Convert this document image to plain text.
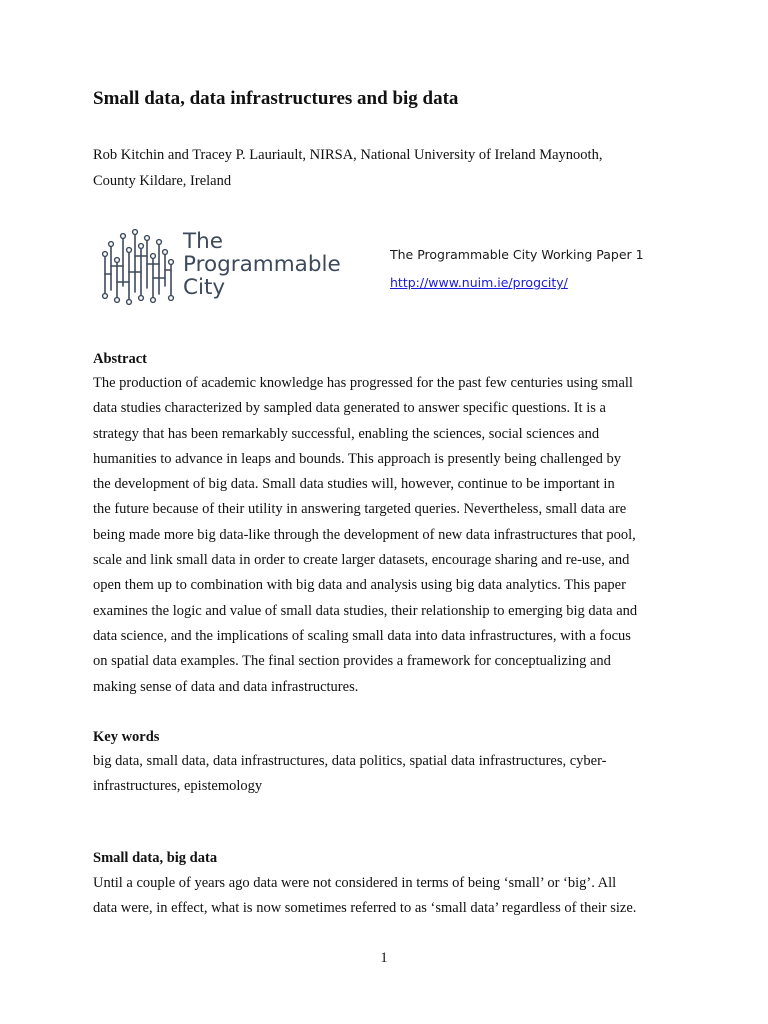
Small data, data infrastructures and big data
Rob Kitchin and Tracey P. Lauriault, NIRSA, National University of Ireland Maynooth,
County Kildare, Ireland
The
Programmable
City
The Programmable City Working Paper 1
http://www.nuim.ie/progcity/
Abstract
The production of academic knowledge has progressed for the past few centuries using small
data studies characterized by sampled data generated to answer specific questions. It is a
strategy that has been remarkably successful, enabling the sciences, social sciences and
humanities to advance in leaps and bounds. This approach is presently being challenged by
the development of big data. Small data studies will, however, continue to be important in
the future because of their utility in answering targeted queries. Nevertheless, small data are
being made more big data-like through the development of new data infrastructures that pool,
scale and link small data in order to create larger datasets, encourage sharing and re-use, and
open them up to combination with big data and analysis using big data analytics. This paper
examines the logic and value of small data studies, their relationship to emerging big data and
data science, and the implications of scaling small data into data infrastructures, with a focus
on spatial data examples. The final section provides a framework for conceptualizing and
making sense of data and data infrastructures.
Key words
big data, small data, data infrastructures, data politics, spatial data infrastructures, cyber-
infrastructures, epistemology
Small data, big data
Until a couple of years ago data were not considered in terms of being ‘small’ or ‘big’. All
data were, in effect, what is now sometimes referred to as ‘small data’ regardless of their size.
1
